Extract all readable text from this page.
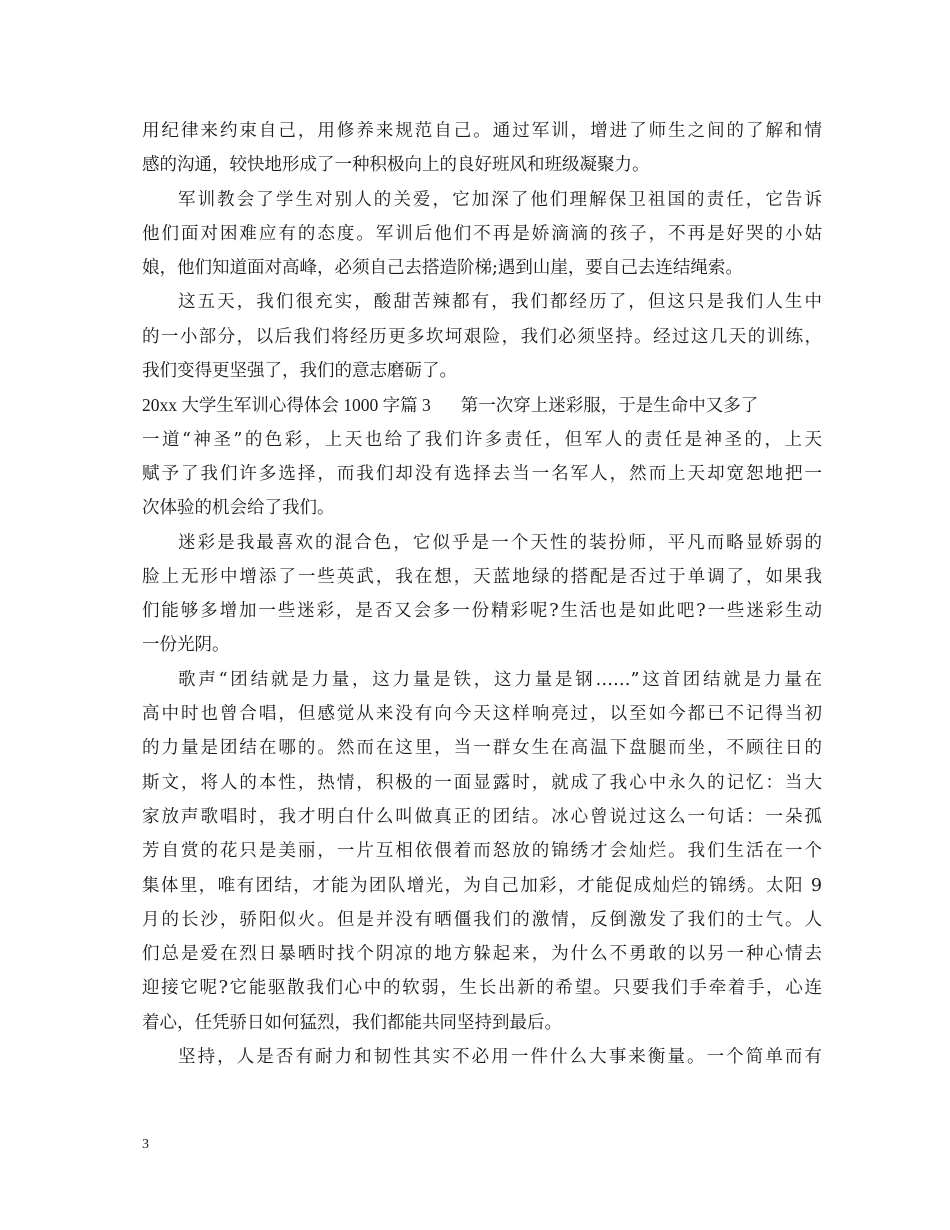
用纪律来约束自己，用修养来规范自己。通过军训，增进了师生之间的了解和情
感的沟通，较快地形成了一种积极向上的良好班风和班级凝聚力。
军训教会了学生对别人的关爱，它加深了他们理解保卫祖国的责任，它告诉
他们面对困难应有的态度。军训后他们不再是娇滴滴的孩子，不再是好哭的小姑
娘，他们知道面对高峰，必须自己去搭造阶梯;遇到山崖，要自己去连结绳索。
这五天，我们很充实，酸甜苦辣都有，我们都经历了，但这只是我们人生中
的一小部分，以后我们将经历更多坎坷艰险，我们必须坚持。经过这几天的训练，
我们变得更坚强了，我们的意志磨砺了。
20xx 大学生军训心得体会 1000 字篇 3 第一次穿上迷彩服，于是生命中又多了
一道“神圣”的色彩，上天也给了我们许多责任，但军人的责任是神圣的，上天
赋予了我们许多选择，而我们却没有选择去当一名军人，然而上天却宽恕地把一
次体验的机会给了我们。
迷彩是我最喜欢的混合色，它似乎是一个天性的装扮师，平凡而略显娇弱的
脸上无形中增添了一些英武，我在想，天蓝地绿的搭配是否过于单调了，如果我
们能够多增加一些迷彩，是否又会多一份精彩呢?生活也是如此吧?一些迷彩生动
一份光阴。
歌声“团结就是力量，这力量是铁，这力量是钢……”这首团结就是力量在
高中时也曾合唱，但感觉从来没有向今天这样响亮过，以至如今都已不记得当初
的力量是团结在哪的。然而在这里，当一群女生在高温下盘腿而坐，不顾往日的
斯文，将人的本性，热情，积极的一面显露时，就成了我心中永久的记忆：当大
家放声歌唱时，我才明白什么叫做真正的团结。冰心曾说过这么一句话：一朵孤
芳自赏的花只是美丽，一片互相依偎着而怒放的锦绣才会灿烂。我们生活在一个
集体里，唯有团结，才能为团队增光，为自己加彩，才能促成灿烂的锦绣。太阳 9
月的长沙，骄阳似火。但是并没有晒僵我们的激情，反倒激发了我们的士气。人
们总是爱在烈日暴晒时找个阴凉的地方躲起来，为什么不勇敢的以另一种心情去
迎接它呢?它能驱散我们心中的软弱，生长出新的希望。只要我们手牵着手，心连
着心，任凭骄日如何猛烈，我们都能共同坚持到最后。
坚持，人是否有耐力和韧性其实不必用一件什么大事来衡量。一个简单而有
3
